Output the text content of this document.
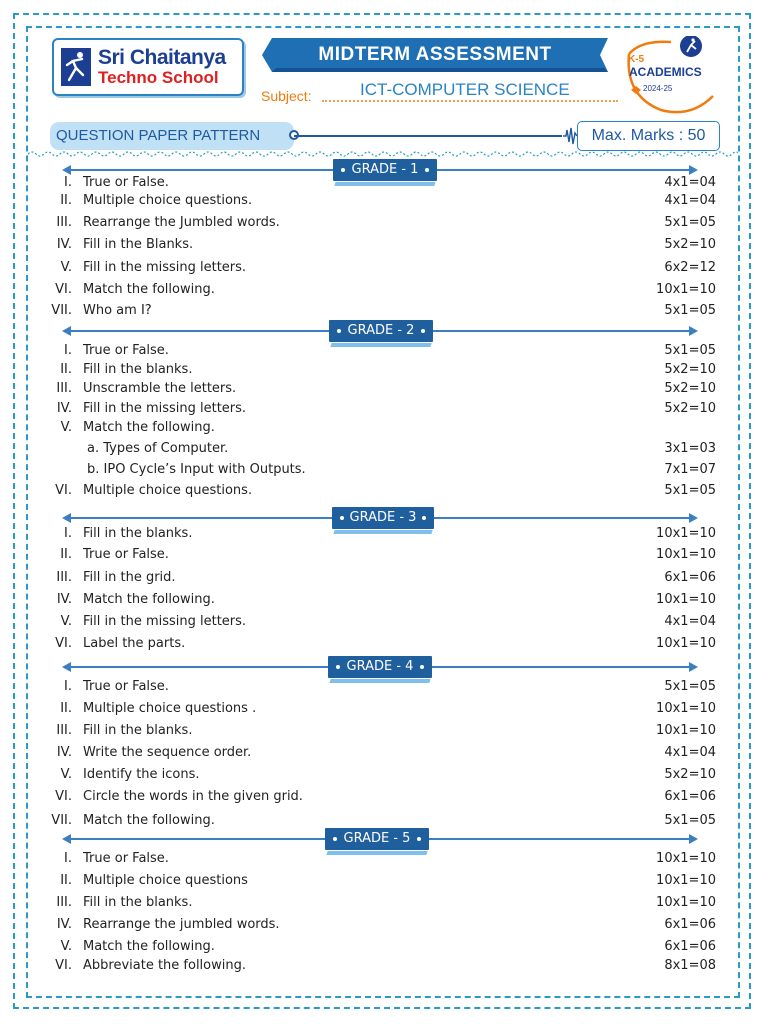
Sri Chaitanya
Techno School
MIDTERM ASSESSMENT
Subject:	ICT-COMPUTER SCIENCE
K-5
ACADEMICS
2024-25
QUESTION PAPER PATTERN	Max. Marks : 50
GRADE - 1
I. True or False.	4x1=04
II. Multiple choice questions.	4x1=04
III. Rearrange the Jumbled words.	5x1=05
IV. Fill in the Blanks.	5x2=10
V. Fill in the missing letters.	6x2=12
VI. Match the following.	10x1=10
VII. Who am I?	5x1=05
GRADE - 2
I. True or False.	5x1=05
II. Fill in the blanks.	5x2=10
III. Unscramble the letters.	5x2=10
IV. Fill in the missing letters.	5x2=10
V. Match the following.
a. Types of Computer.	3x1=03
b. IPO Cycle’s Input with Outputs.	7x1=07
VI. Multiple choice questions.	5x1=05
GRADE - 3
I. Fill in the blanks.	10x1=10
II. True or False.	10x1=10
III. Fill in the grid.	6x1=06
IV. Match the following.	10x1=10
V. Fill in the missing letters.	4x1=04
VI. Label the parts.	10x1=10
GRADE - 4
I. True or False.	5x1=05
II. Multiple choice questions .	10x1=10
III. Fill in the blanks.	10x1=10
IV. Write the sequence order.	4x1=04
V. Identify the icons.	5x2=10
VI. Circle the words in the given grid.	6x1=06
VII. Match the following.	5x1=05
GRADE - 5
I. True or False.	10x1=10
II. Multiple choice questions	10x1=10
III. Fill in the blanks.	10x1=10
IV. Rearrange the jumbled words.	6x1=06
V. Match the following.	6x1=06
VI. Abbreviate the following.	8x1=08
